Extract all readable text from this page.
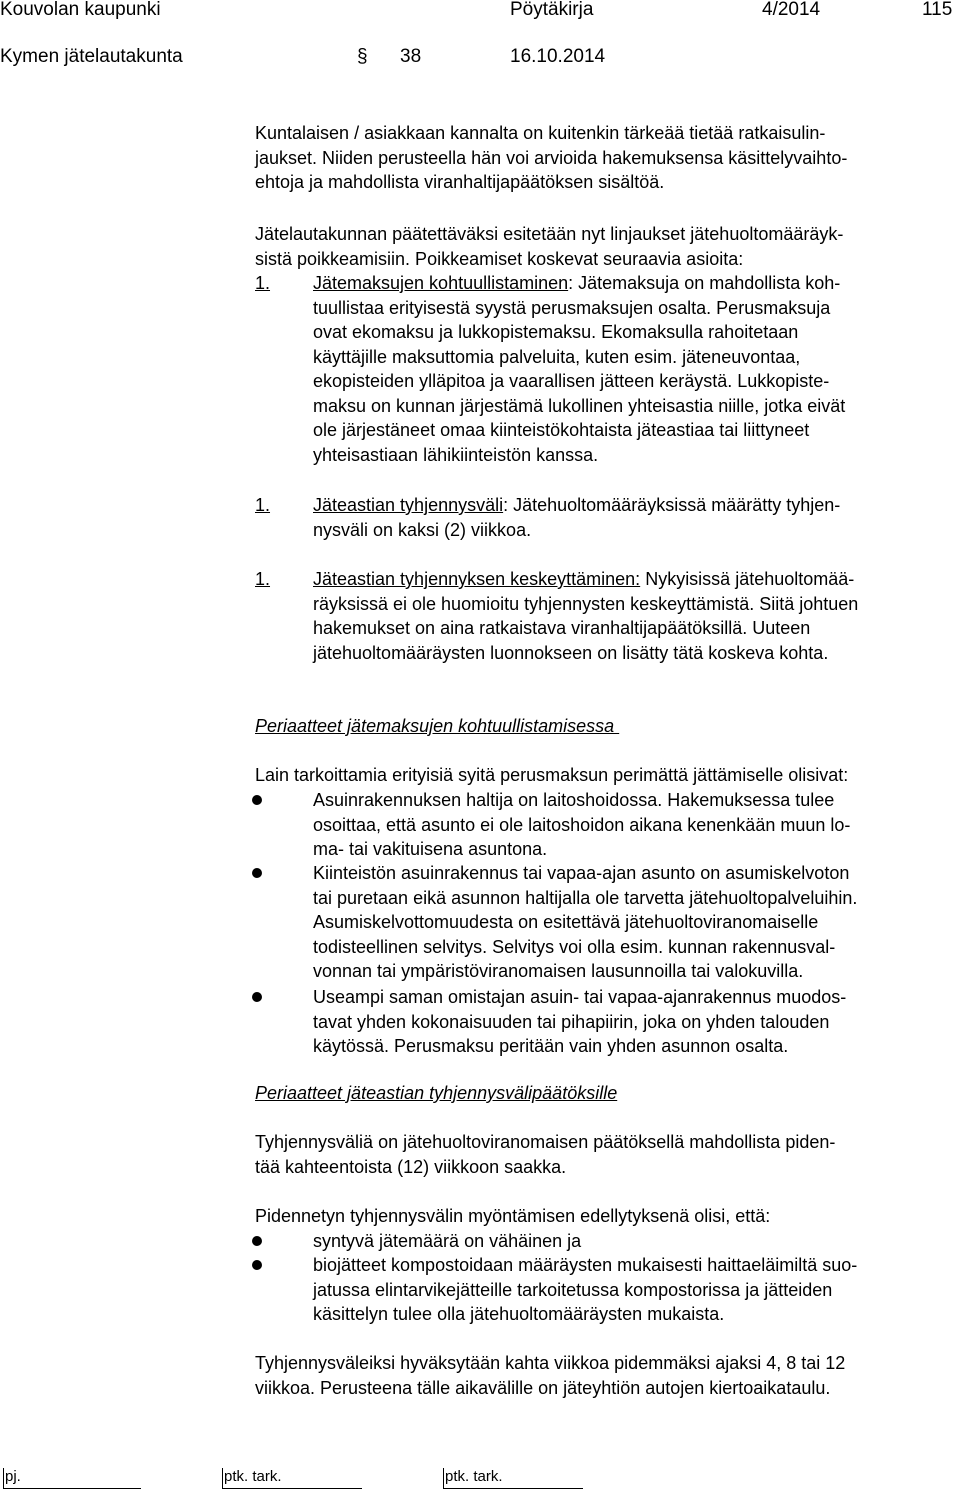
Kouvolan kaupunki	Pöytäkirja	4/2014	115
Kymen jätelautakunta	38	16.10.2014
§
Kuntalaisen / asiakkaan kannalta on kuitenkin tärkeää tietää ratkaisulin-
jaukset. Niiden perusteella hän voi arvioida hakemuksensa käsittelyvaihto-
ehtoja ja mahdollista viranhaltijapäätöksen sisältöä.
Jätelautakunnan päätettäväksi esitetään nyt linjaukset jätehuoltomääräyk-
sistä poikkeamisiin. Poikkeamiset koskevat seuraavia asioita:
1. Jätemaksujen kohtuullistaminen: Jätemaksuja on mahdollista koh-
tuullistaa erityisestä syystä perusmaksujen osalta. Perusmaksuja
ovat ekomaksu ja lukkopistemaksu. Ekomaksulla rahoitetaan
käyttäjille maksuttomia palveluita, kuten esim. jäteneuvontaa,
ekopisteiden ylläpitoa ja vaarallisen jätteen keräystä. Lukkopiste-
maksu on kunnan järjestämä lukollinen yhteisastia niille, jotka eivät
ole järjestäneet omaa kiinteistökohtaista jäteastiaa tai liittyneet
yhteisastiaan lähikiinteistön kanssa.
1. Jäteastian tyhjennysväli: Jätehuoltomääräyksissä määrätty tyhjen-
nysväli on kaksi (2) viikkoa.
1. Jäteastian tyhjennyksen keskeyttäminen: Nykyisissä jätehuoltomää-
räyksissä ei ole huomioitu tyhjennysten keskeyttämistä. Siitä johtuen
hakemukset on aina ratkaistava viranhaltijapäätöksillä. Uuteen
jätehuoltomääräysten luonnokseen on lisätty tätä koskeva kohta.
Periaatteet jätemaksujen kohtuullistamisessa
Lain tarkoittamia erityisiä syitä perusmaksun perimättä jättämiselle olisivat:
Asuinrakennuksen haltija on laitoshoidossa. Hakemuksessa tulee
osoittaa, että asunto ei ole laitoshoidon aikana kenenkään muun lo-
ma- tai vakituisena asuntona.
Kiinteistön asuinrakennus tai vapaa-ajan asunto on asumiskelvoton
tai puretaan eikä asunnon haltijalla ole tarvetta jätehuoltopalveluihin.
Asumiskelvottomuudesta on esitettävä jätehuoltoviranomaiselle
todisteellinen selvitys. Selvitys voi olla esim. kunnan rakennusval-
vonnan tai ympäristöviranomaisen lausunnoilla tai valokuvilla.
Useampi saman omistajan asuin- tai vapaa-ajanrakennus muodos-
tavat yhden kokonaisuuden tai pihapiirin, joka on yhden talouden
käytössä. Perusmaksu peritään vain yhden asunnon osalta.
Periaatteet jäteastian tyhjennysvälipäätöksille
Tyhjennysväliä on jätehuoltoviranomaisen päätöksellä mahdollista piden-
tää kahteentoista (12) viikkoon saakka.
Pidennetyn tyhjennysvälin myöntämisen edellytyksenä olisi, että:
syntyvä jätemäärä on vähäinen ja
biojätteet kompostoidaan määräysten mukaisesti haittaeläimiltä suo-
jatussa elintarvikejätteille tarkoitetussa kompostorissa ja jätteiden
käsittelyn tulee olla jätehuoltomääräysten mukaista.
Tyhjennysväleiksi hyväksytään kahta viikkoa pidemmäksi ajaksi 4, 8 tai 12
viikkoa. Perusteena tälle aikavälille on jäteyhtiön autojen kiertoaikataulu.
pj.	ptk. tark.	ptk. tark.
